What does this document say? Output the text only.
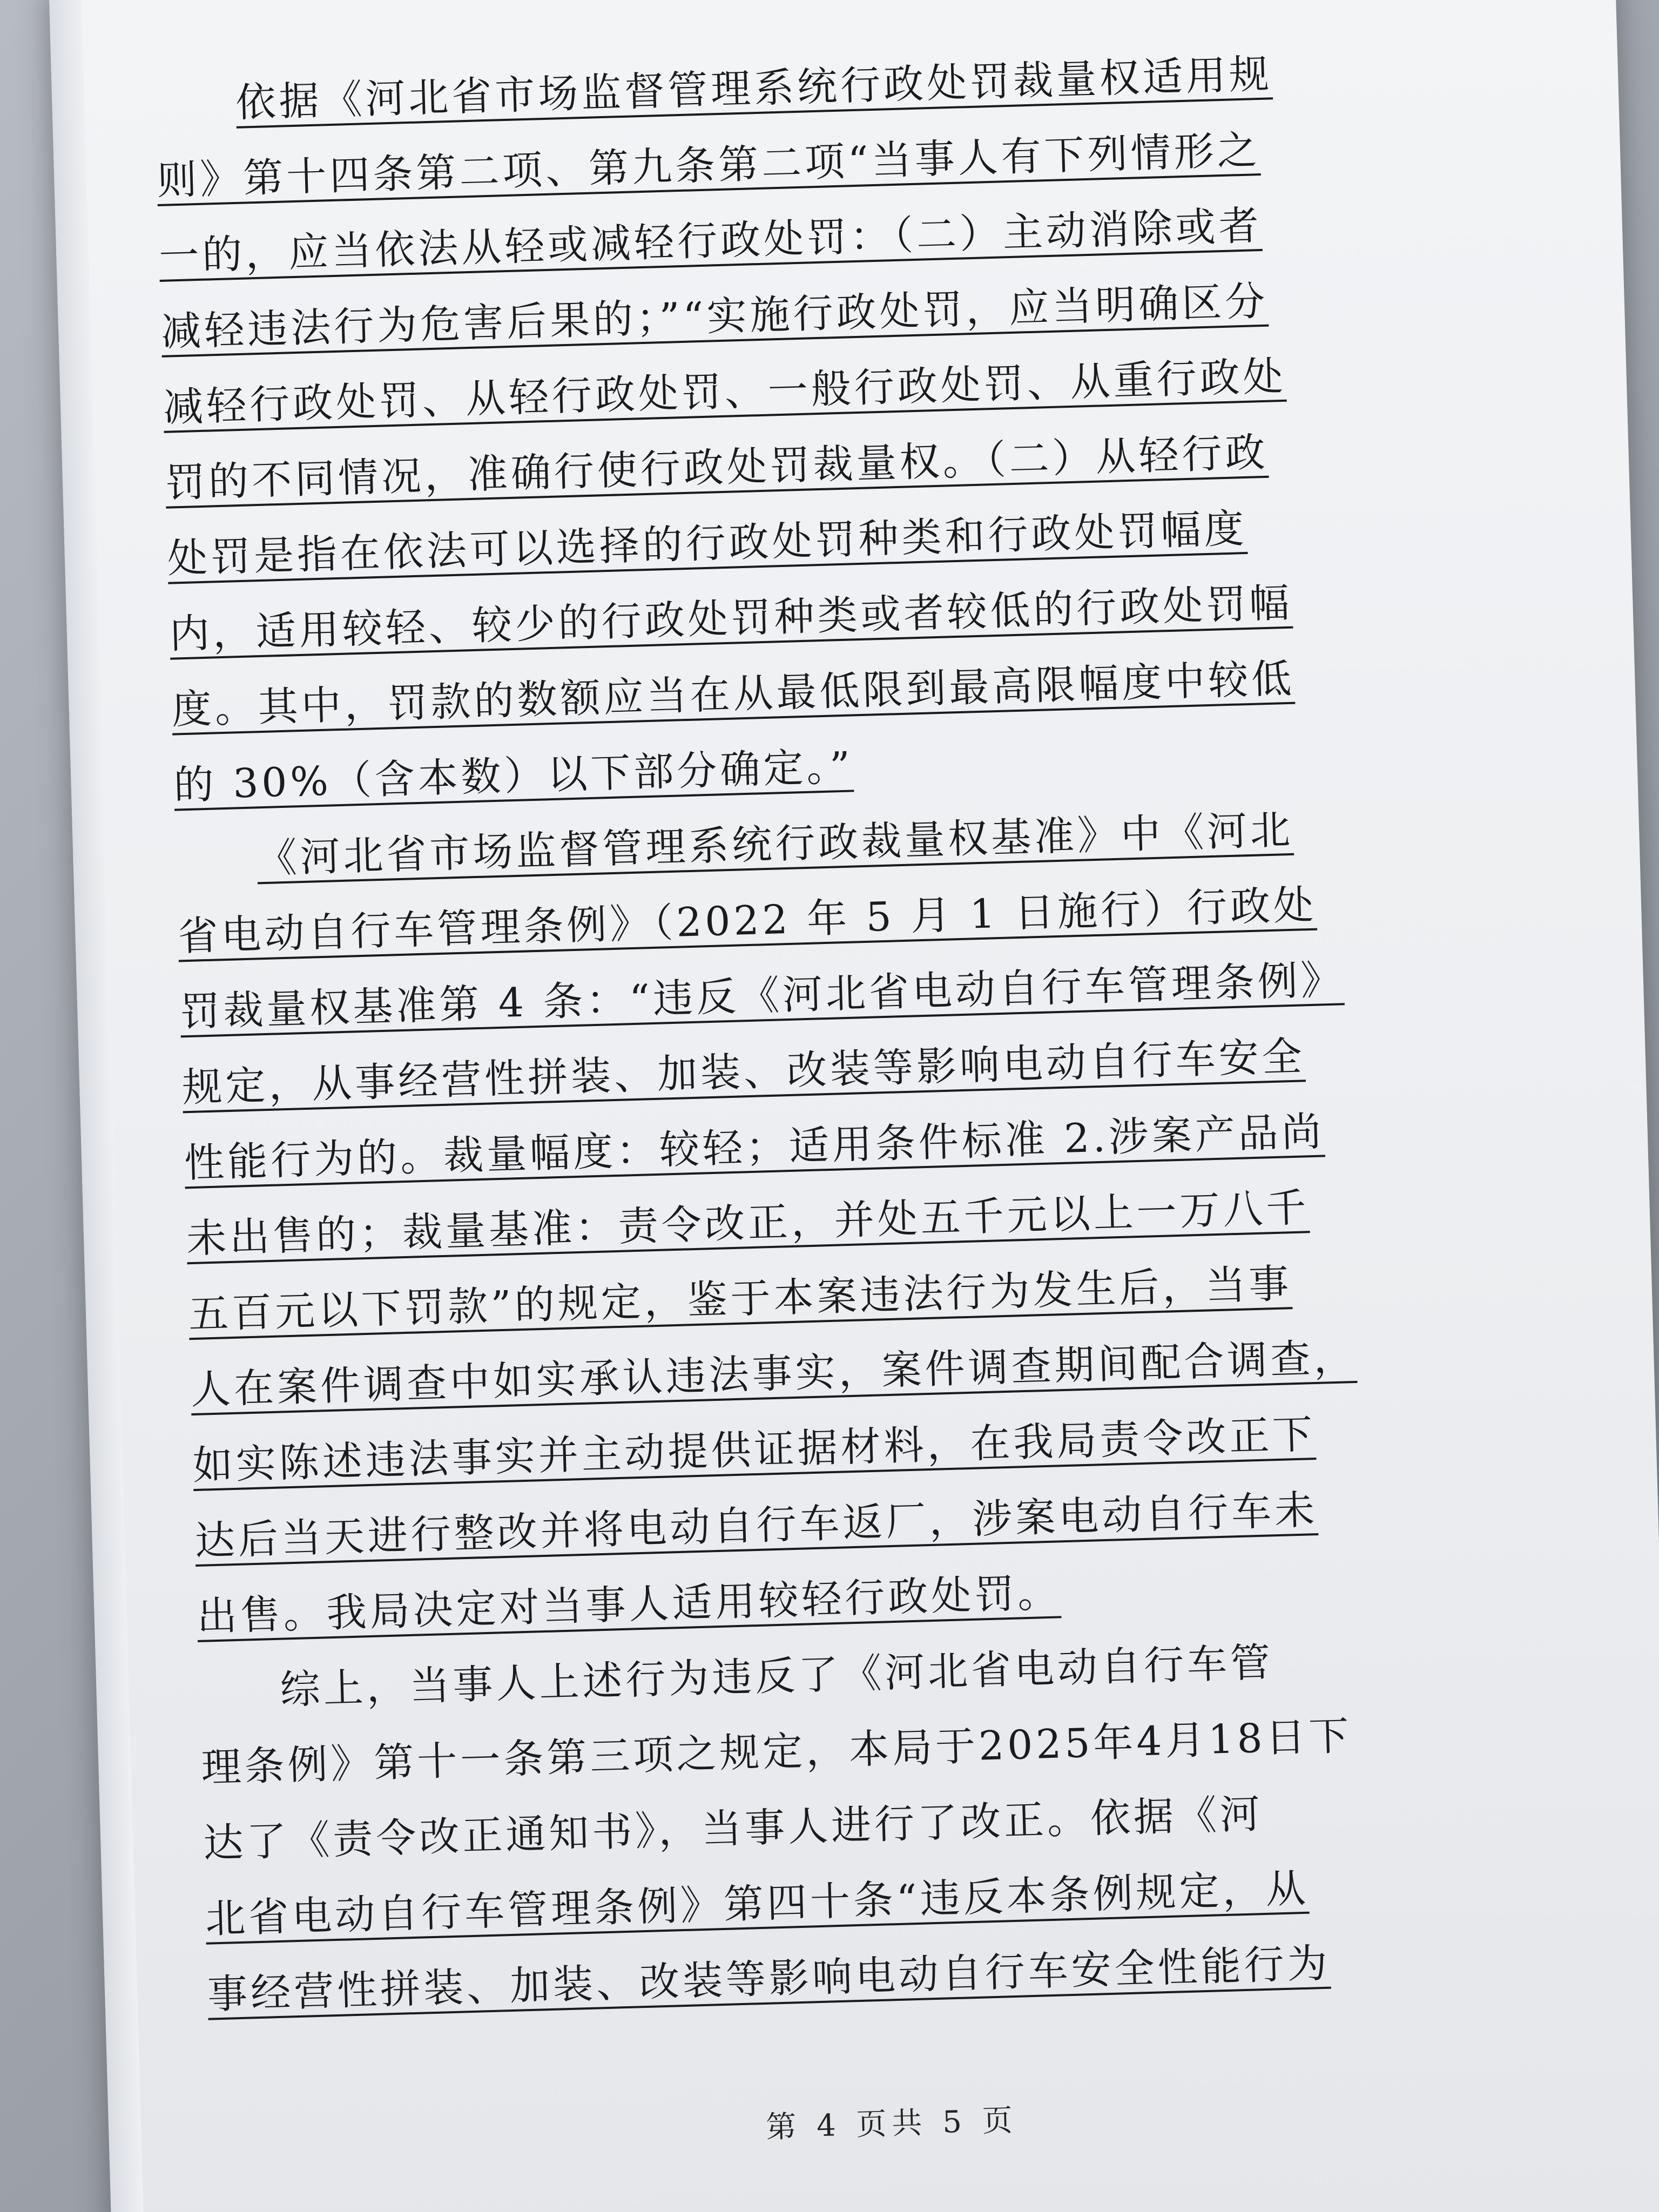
依据《河北省市场监督管理系统行政处罚裁量权适用规
则》第十四条第二项、第九条第二项“当事人有下列情形之
一的，应当依法从轻或减轻行政处罚：（二）主动消除或者
减轻违法行为危害后果的；”“实施行政处罚，应当明确区分
减轻行政处罚、从轻行政处罚、一般行政处罚、从重行政处
罚的不同情况，准确行使行政处罚裁量权。（二）从轻行政
处罚是指在依法可以选择的行政处罚种类和行政处罚幅度
内，适用较轻、较少的行政处罚种类或者较低的行政处罚幅
度。其中，罚款的数额应当在从最低限到最高限幅度中较低
的 30%（含本数）以下部分确定。”
《河北省市场监督管理系统行政裁量权基准》中《河北
省电动自行车管理条例》（2022 年 5 月 1 日施行）行政处
罚裁量权基准第 4 条：“违反《河北省电动自行车管理条例》
规定，从事经营性拼装、加装、改装等影响电动自行车安全
性能行为的。裁量幅度：较轻；适用条件标准 2.涉案产品尚
未出售的；裁量基准：责令改正，并处五千元以上一万八千
五百元以下罚款”的规定，鉴于本案违法行为发生后，当事
人在案件调查中如实承认违法事实，案件调查期间配合调查，
如实陈述违法事实并主动提供证据材料，在我局责令改正下
达后当天进行整改并将电动自行车返厂，涉案电动自行车未
出售。我局决定对当事人适用较轻行政处罚。
综上，当事人上述行为违反了《河北省电动自行车管
理条例》第十一条第三项之规定，本局于2025年4月18日下
达了《责令改正通知书》，当事人进行了改正。依据《河
北省电动自行车管理条例》第四十条“违反本条例规定，从
事经营性拼装、加装、改装等影响电动自行车安全性能行为
第 4 页共 5 页
